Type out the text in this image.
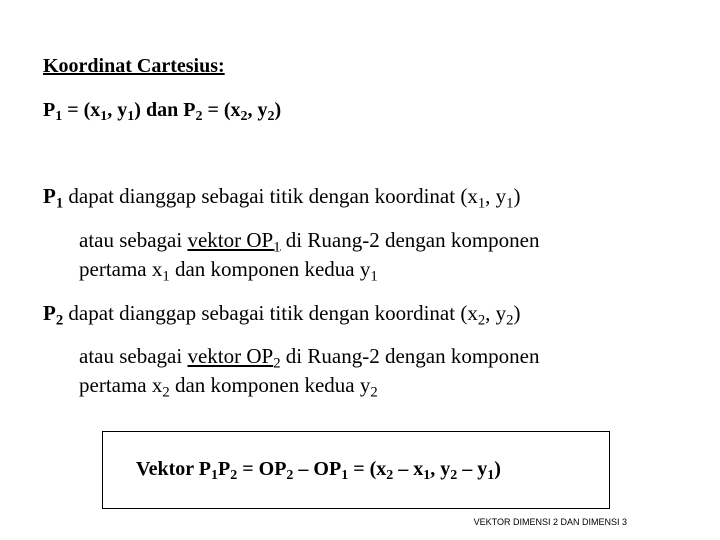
Koordinat Cartesius:
$P_1 = (x_1$, $y_1$) dan $P_2 = (x_2$, $y_2$)
$P_1$ dapat dianggap sebagai titik dengan koordinat ($x_1$, $y_1$)
atau sebagai vektor $OP_1$ di Ruang-2 dengan komponen
pertama $x_1$ dan komponen kedua $y_1$
$P_2$ dapat dianggap sebagai titik dengan koordinat ($x_2$, $y_2$)
atau sebagai vektor $OP_2$ di Ruang-2 dengan komponen
pertama $x_2$ dan komponen kedua $y_2$
Vektor $P_1P_2 = OP_2 - OP_1 = (x_2 - x_1$, $y_2 - y_1$)
VEKTOR DIMENSI 2 DAN DIMENSI 3
